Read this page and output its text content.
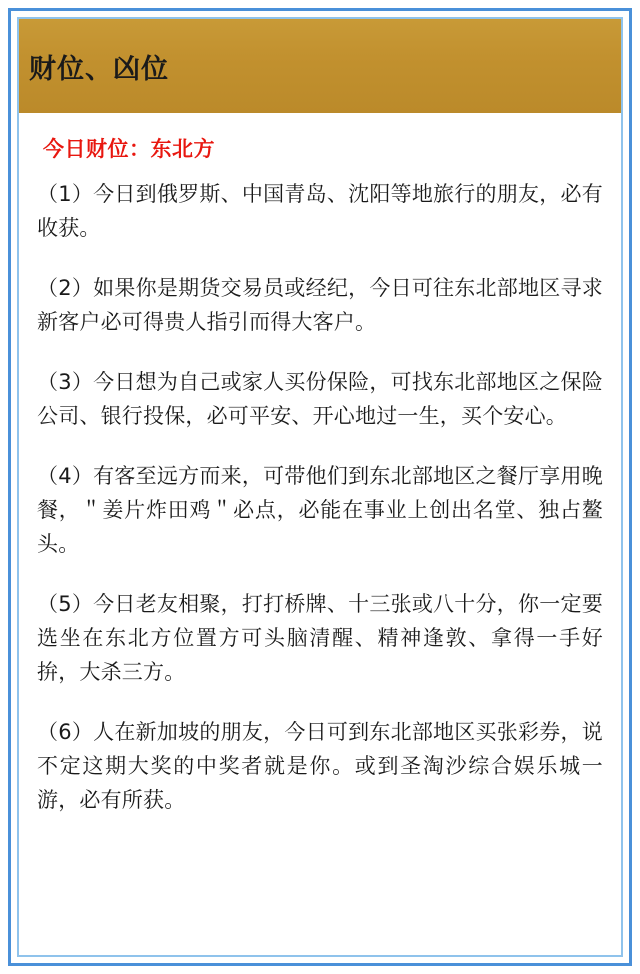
财位、凶位
今日财位：东北方

（1）今日到俄罗斯、中国青岛、沈阳等地旅行的朋友，必有收获。

（2）如果你是期货交易员或经纪，今日可往东北部地区寻求新客户必可得贵人指引而得大客户。

（3）今日想为自己或家人买份保险，可找东北部地区之保险公司、银行投保，必可平安、开心地过一生，买个安心。

（4）有客至远方而来，可带他们到东北部地区之餐厅享用晚餐，＂姜片炸田鸡＂必点，必能在事业上创出名堂、独占鳌头。

（5）今日老友相聚，打打桥牌、十三张或八十分，你一定要选坐在东北方位置方可头脑清醒、精神逢敦、拿得一手好拚，大杀三方。

（6）人在新加坡的朋友，今日可到东北部地区买张彩券，说不定这期大奖的中奖者就是你。或到圣淘沙综合娱乐城一游，必有所获。
